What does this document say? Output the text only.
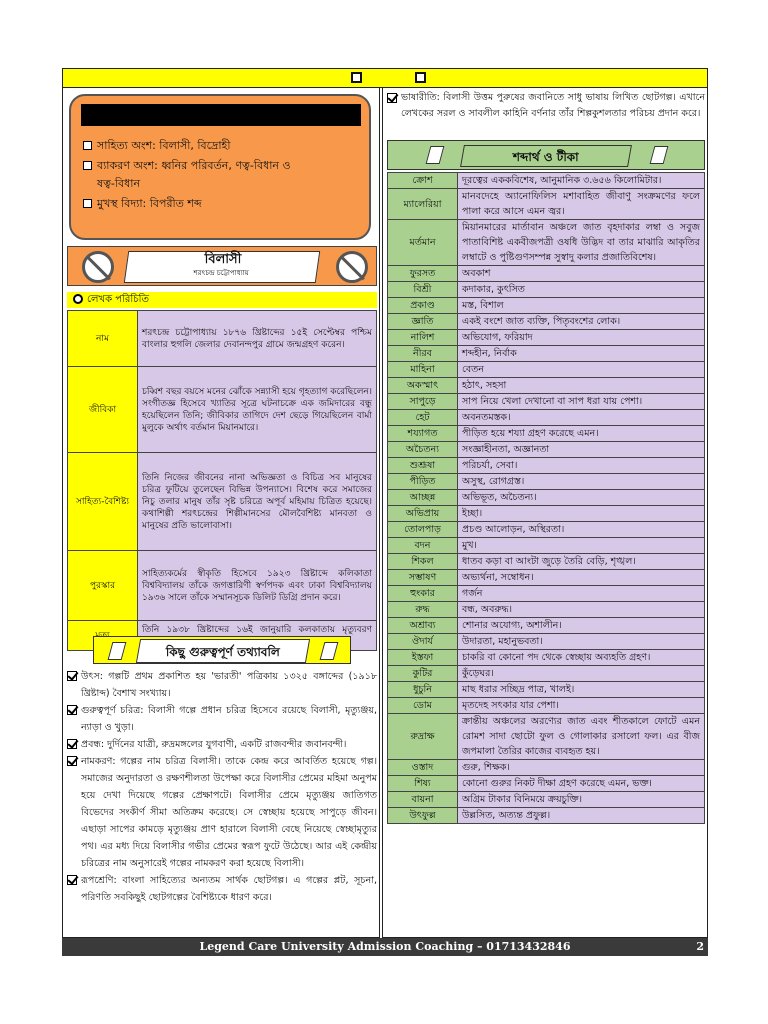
সাহিত্য অংশ: বিলাসী, বিদ্রোহী
ব্যাকরণ অংশ: ধ্বনির পরিবর্তন, ণত্ব-বিধান ও
ষত্ব-বিধান
মুখস্থ বিদ্যা: বিপরীত শব্দ
বিলাসী
শরৎচন্দ্র চট্টোপাধ্যায়
লেখক পরিচিতি
নাম	শরৎচন্দ্র চট্টোপাধ্যায় ১৮৭৬ খ্রিষ্টাব্দের ১৫ই সেপ্টেম্বর পশ্চিম বাংলার হুগলি জেলার দেবানন্দপুর গ্রামে জন্মগ্রহণ করেন।
জীবিকা	চব্বিশ বছর বয়সে মনের ঝোঁকে সন্ন্যাসী হয়ে গৃহত্যাগ করেছিলেন। সংগীতজ্ঞ হিসেবে খ্যাতির সূত্রে ঘটনাচক্রে এক জমিদারের বন্ধু হয়েছিলেন তিনি; জীবিকার তাগিদে দেশ ছেড়ে গিয়েছিলেন বার্মা মুলুকে অর্থাৎ বর্তমান মিয়ানমারে।
সাহিত্য-বৈশিষ্ট্য	তিনি নিজের জীবনের নানা অভিজ্ঞতা ও বিচিত্র সব মানুষের চরিত্র ফুটিয়ে তুলেছেন বিভিন্ন উপন্যাসে। বিশেষ করে সমাজের নিচু তলার মানুষ তাঁর সৃষ্ট চরিত্রে অপূর্ব মহিমায় চিত্রিত হয়েছে। কথাশিল্পী শরৎচন্দ্রের শিল্পীমানসের মৌলবৈশিষ্ট্য মানবতা ও মানুষের প্রতি ভালোবাসা।
পুরস্কার	সাহিত্যকর্মের স্বীকৃতি হিসেবে ১৯২৩ খ্রিষ্টাব্দে কলিকাতা বিশ্ববিদ্যালয় তাঁকে জগত্তারিণী স্বর্ণপদক এবং ঢাকা বিশ্ববিদ্যালয় ১৯৩৬ সালে তাঁকে সম্মানসূচক ডিলিট ডিগ্রি প্রদান করে।
	তিনি ১৯৩৮ খ্রিষ্টাব্দের ১৬ই জানুয়ারি কলকাতায় মৃত্যুবরণ
কিছু গুরুত্বপূর্ণ তথ্যাবলি
উৎস: গল্পটি প্রথম প্রকাশিত হয় 'ভারতী' পত্রিকায় ১৩২৫ বঙ্গাব্দের (১৯১৮ খ্রিষ্টাব্দ) বৈশাখ সংখ্যায়।
গুরুত্বপূর্ণ চরিত্র: বিলাসী গল্পে প্রধান চরিত্র হিসেবে রয়েছে বিলাসী, মৃত্যুঞ্জয়, ন্যাড়া ও খুড়া।
প্রবন্ধ: দুর্দিনের যাত্রী, রুদ্রমঙ্গলের যুগবাণী, একটি রাজবন্দীর জবানবন্দী।
নামকরণ: গল্পের নাম চরিত্র বিলাসী। তাকে কেন্দ্র করে আবর্তিত হয়েছে গল্প। সমাজের অনুদারতা ও রক্ষণশীলতা উপেক্ষা করে বিলাসীর প্রেমের মহিমা অনুপম হয়ে দেখা দিয়েছে গল্পের প্রেক্ষাপটে। বিলাসীর প্রেমে মৃত্যুঞ্জয় জাতিগত বিভেদের সংকীর্ণ সীমা অতিক্রম করেছে। সে স্বেচ্ছায় হয়েছে সাপুড়ে জীবন। এছাড়া সাপের কামড়ে মৃত্যুঞ্জয় প্রাণ হারালে বিলাসী বেছে নিয়েছে স্বেচ্ছামৃত্যুর পথ। এর মধ্য দিয়ে বিলাসীর গভীর প্রেমের স্বরূপ ফুটে উঠেছে। আর এই কেন্দ্রীয় চরিত্রের নাম অনুসারেই গল্পের নামকরণ করা হয়েছে বিলাসী।
রূপশ্রেণি: বাংলা সাহিত্যের অন্যতম সার্থক ছোটগল্প। এ গল্পের প্লট, সূচনা, পরিণতি সবকিছুই ছোটগল্পের বৈশিষ্ট্যকে ধারণ করে।
ভাষারীতি: বিলাসী উত্তম পুরুষের জবানিতে সাধু ভাষায় লিখিত ছোটগল্প। এখানে লেখকের সরল ও সাবলীল কাহিনি বর্ণনার তাঁর শিল্পকুশলতার পরিচয় প্রদান করে।
শব্দার্থ ও টীকা
ক্রোশ	দূরত্বের এককবিশেষ, আনুমানিক ৩.৬৫৬ কিলোমিটার।
ম্যালেরিয়া	মানবদেহে অ্যানোফিলিস মশাবাহিত জীবাণু সংক্রমণের ফলে পালা করে আসে এমন জ্বর।
মর্তমান	মিয়ানমারের মার্তাবান অঞ্চলে জাত বৃহদাকার লম্বা ও সবুজ পাতাবিশিষ্ট একবীজপত্রী ওষধি উদ্ভিদ বা তার মাঝারি আকৃতির লম্বাটে ও পুষ্টিগুণসম্পন্ন সুস্বাদু কলার প্রজাতিবিশেষ।
ফুরসত	অবকাশ
বিশ্রী	কদাকার, কুৎসিত
প্রকাণ্ড	মস্ত, বিশাল
জ্ঞাতি	একই বংশে জাত ব্যক্তি, পিতৃবংশের লোক।
নালিশ	অভিযোগ, ফরিয়াদ
নীরব	শব্দহীন, নির্বাক
মাহিনা	বেতন
অকস্মাৎ	হঠাৎ, সহসা
সাপুড়ে	সাপ নিয়ে খেলা দেখানো বা সাপ ধরা যায় পেশা।
হেট	অবনতমস্তক।
শয্যাগত	পীড়িত হয়ে শয্যা গ্রহণ করেছে এমন।
অচৈতন্য	সংজ্ঞাহীনতা, অজ্ঞানতা
শুশ্রূষা	পরিচর্যা, সেবা।
পীড়িত	অসুস্থ, রোগগ্রস্ত।
আচ্ছন্ন	অভিভূত, অচৈতন্য।
অভিপ্রায়	ইচ্ছা।
তোলপাড়	প্রচণ্ড আলোড়ন, অস্থিরতা।
বদন	মুখ।
শিকল	ধাতব কড়া বা আংটা জুড়ে তৈরি বেড়ি, শৃঙ্খল।
সম্ভাষণ	অভ্যর্থনা, সম্বোধন।
হুংকার	গর্জন
রুদ্ধ	বন্ধ, অবরুদ্ধ।
অশ্রাব্য	শোনার অযোগ্য, অশালীন।
ঔদার্য	উদারতা, মহানুভবতা।
ইস্তফা	চাকরি বা কোনো পদ থেকে স্বেচ্ছায় অব্যহতি গ্রহণ।
কুটির	কুঁড়েঘর।
ধুচুনি	মাছ ধরার সচ্ছিদ্র পাত্র, খালই।
ডোম	মৃতদেহ সৎকার যার পেশা।
রুদ্রাক্ষ	ক্রান্তীয় অঞ্চলের অরণ্যের জাত এবং শীতকালে ফোটে এমন রোমশ সাদা ছোটো ফুল ও গোলাকার রসালো ফল। এর বীজ জপমালা তৈরির কাজের ব্যবহৃত হয়।
ওস্তাদ	গুরু, শিক্ষক।
শিষ্য	কোনো গুরুর নিকট দীক্ষা গ্রহণ করেছে এমন, ভক্ত।
বায়না	অগ্রিম টাকার বিনিময়ে ক্রয়চুক্তি।
উৎফুল্ল	উল্লসিত, অত্যন্ত প্রফুল্ল।
Legend Care University Admission Coaching – 01713432846	2
